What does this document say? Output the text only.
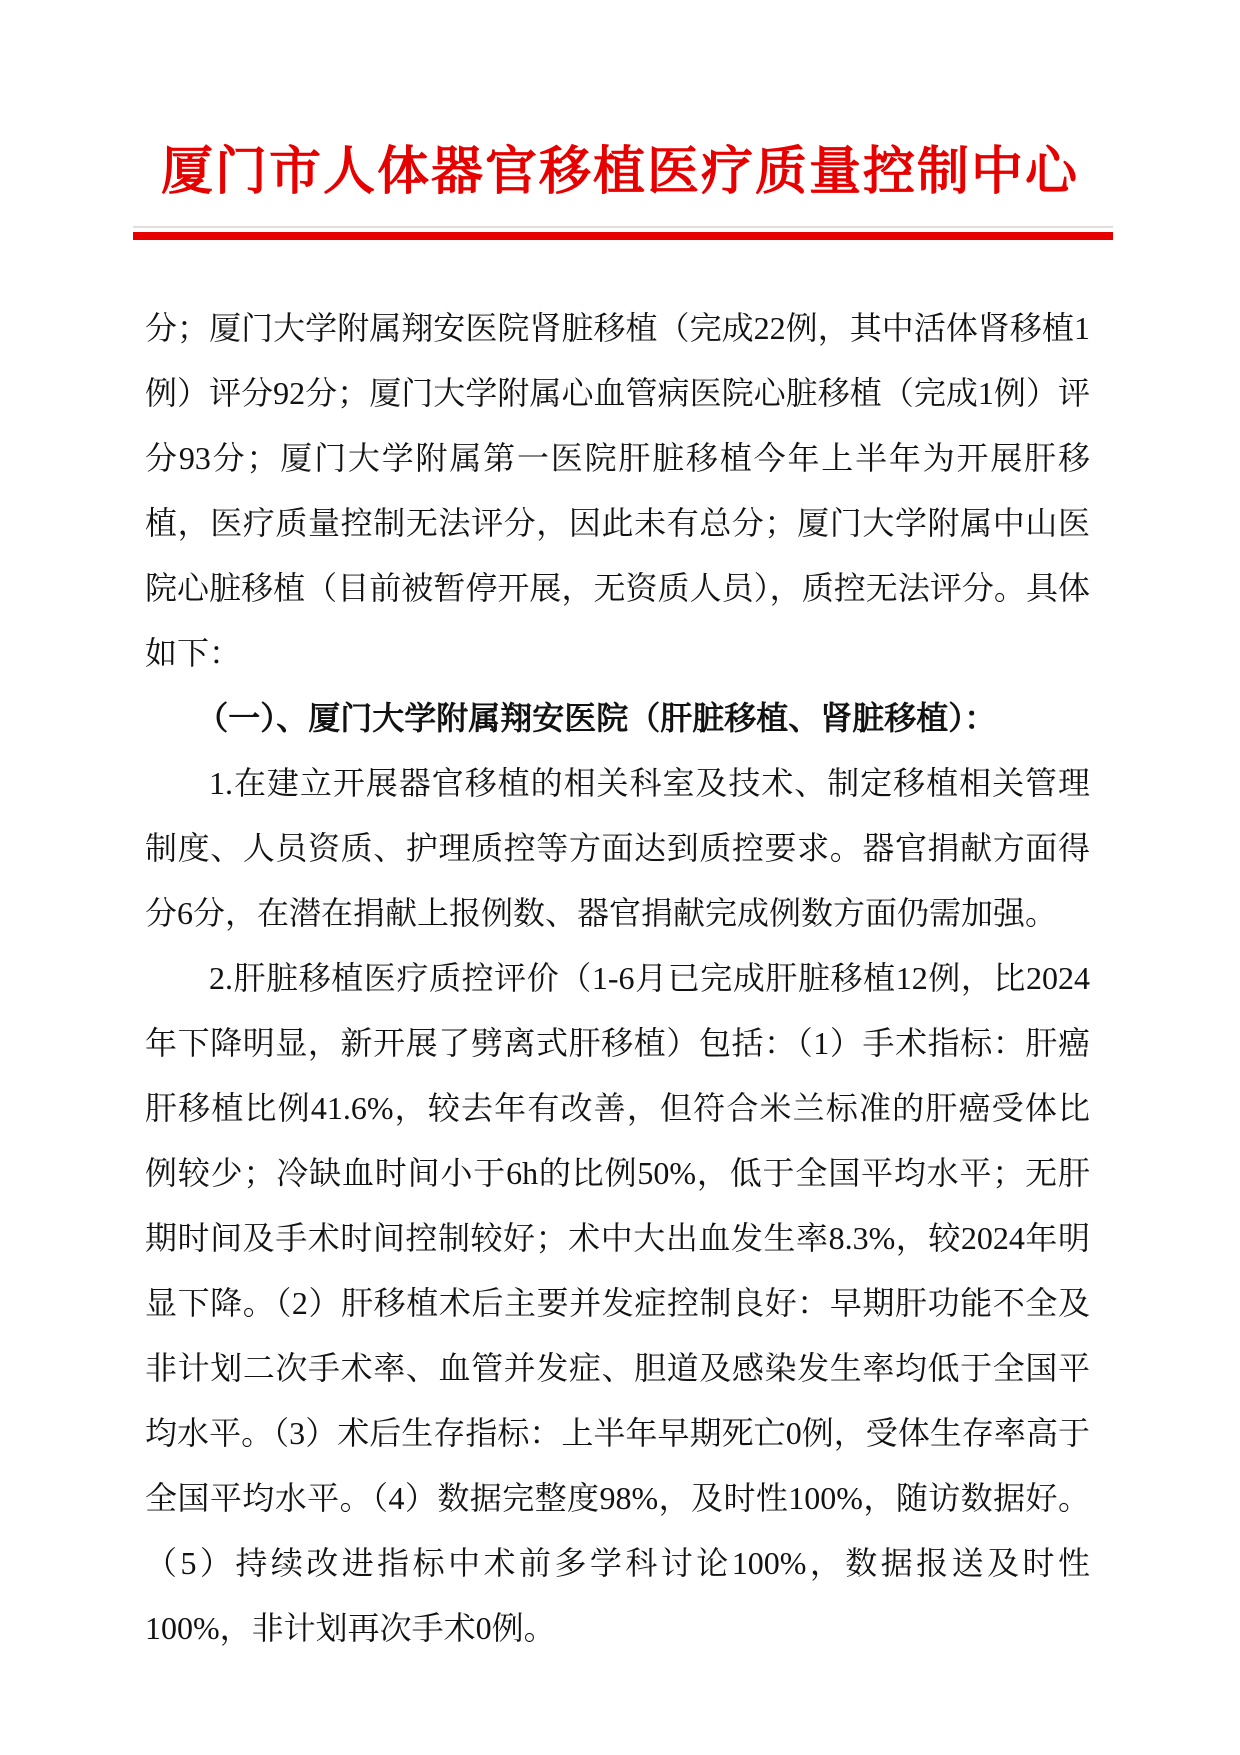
厦门市人体器官移植医疗质量控制中心

分；厦门大学附属翔安医院肾脏移植（完成22例，其中活体肾移植1例）评分92分；厦门大学附属心血管病医院心脏移植（完成1例）评分93分；厦门大学附属第一医院肝脏移植今年上半年为开展肝移植，医疗质量控制无法评分，因此未有总分；厦门大学附属中山医院心脏移植（目前被暂停开展，无资质人员），质控无法评分。具体如下：

（一）、厦门大学附属翔安医院（肝脏移植、肾脏移植）：

1.在建立开展器官移植的相关科室及技术、制定移植相关管理制度、人员资质、护理质控等方面达到质控要求。器官捐献方面得分6分，在潜在捐献上报例数、器官捐献完成例数方面仍需加强。

2.肝脏移植医疗质控评价（1-6月已完成肝脏移植12例，比2024年下降明显，新开展了劈离式肝移植）包括：（1）手术指标：肝癌肝移植比例41.6%，较去年有改善，但符合米兰标准的肝癌受体比例较少；冷缺血时间小于6h的比例50%，低于全国平均水平；无肝期时间及手术时间控制较好；术中大出血发生率8.3%，较2024年明显下降。（2）肝移植术后主要并发症控制良好：早期肝功能不全及非计划二次手术率、血管并发症、胆道及感染发生率均低于全国平均水平。（3）术后生存指标：上半年早期死亡0例，受体生存率高于全国平均水平。（4）数据完整度98%，及时性100%，随访数据好。（5）持续改进指标中术前多学科讨论100%，数据报送及时性100%，非计划再次手术0例。
